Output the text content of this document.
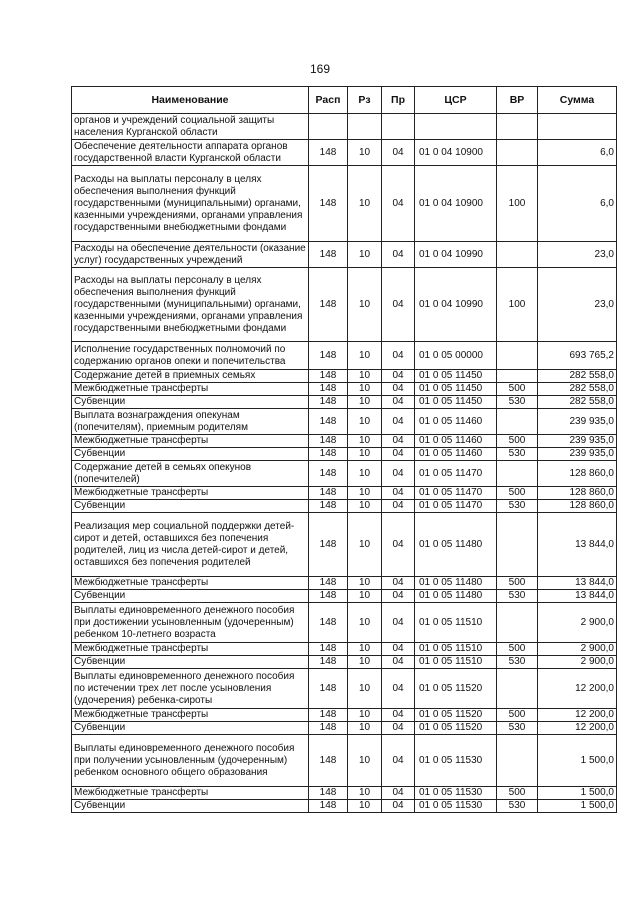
169
Наименование	Расп	Рз	Пр	ЦСР	ВР	Сумма
органов и учреждений социальной защиты населения Курганской области						
Обеспечение деятельности аппарата органов государственной власти Курганской области	148	10	04	01 0 04 10900		6,0
Расходы на выплаты персоналу в целях обеспечения выполнения функций государственными (муниципальными) органами, казенными учреждениями, органами управления государственными внебюджетными фондами	148	10	04	01 0 04 10900	100	6,0
Расходы на обеспечение деятельности (оказание услуг) государственных учреждений	148	10	04	01 0 04 10990		23,0
Расходы на выплаты персоналу в целях обеспечения выполнения функций государственными (муниципальными) органами, казенными учреждениями, органами управления государственными внебюджетными фондами	148	10	04	01 0 04 10990	100	23,0
Исполнение государственных полномочий по содержанию органов опеки и попечительства	148	10	04	01 0 05 00000		693 765,2
Содержание детей в приемных семьях	148	10	04	01 0 05 11450		282 558,0
Межбюджетные трансферты	148	10	04	01 0 05 11450	500	282 558,0
Субвенции	148	10	04	01 0 05 11450	530	282 558,0
Выплата вознаграждения опекунам (попечителям), приемным родителям	148	10	04	01 0 05 11460		239 935,0
Межбюджетные трансферты	148	10	04	01 0 05 11460	500	239 935,0
Субвенции	148	10	04	01 0 05 11460	530	239 935,0
Содержание детей в семьях опекунов (попечителей)	148	10	04	01 0 05 11470		128 860,0
Межбюджетные трансферты	148	10	04	01 0 05 11470	500	128 860,0
Субвенции	148	10	04	01 0 05 11470	530	128 860,0
Реализация мер социальной поддержки детей-сирот и детей, оставшихся без попечения родителей, лиц из числа детей-сирот и детей, оставшихся без попечения родителей	148	10	04	01 0 05 11480		13 844,0
Межбюджетные трансферты	148	10	04	01 0 05 11480	500	13 844,0
Субвенции	148	10	04	01 0 05 11480	530	13 844,0
Выплаты единовременного денежного пособия при достижении усыновленным (удочеренным) ребенком 10-летнего возраста	148	10	04	01 0 05 11510		2 900,0
Межбюджетные трансферты	148	10	04	01 0 05 11510	500	2 900,0
Субвенции	148	10	04	01 0 05 11510	530	2 900,0
Выплаты единовременного денежного пособия по истечении трех лет после усыновления (удочерения) ребенка-сироты	148	10	04	01 0 05 11520		12 200,0
Межбюджетные трансферты	148	10	04	01 0 05 11520	500	12 200,0
Субвенции	148	10	04	01 0 05 11520	530	12 200,0
Выплаты единовременного денежного пособия при получении усыновленным (удочеренным) ребенком основного общего образования	148	10	04	01 0 05 11530		1 500,0
Межбюджетные трансферты	148	10	04	01 0 05 11530	500	1 500,0
Субвенции	148	10	04	01 0 05 11530	530	1 500,0
